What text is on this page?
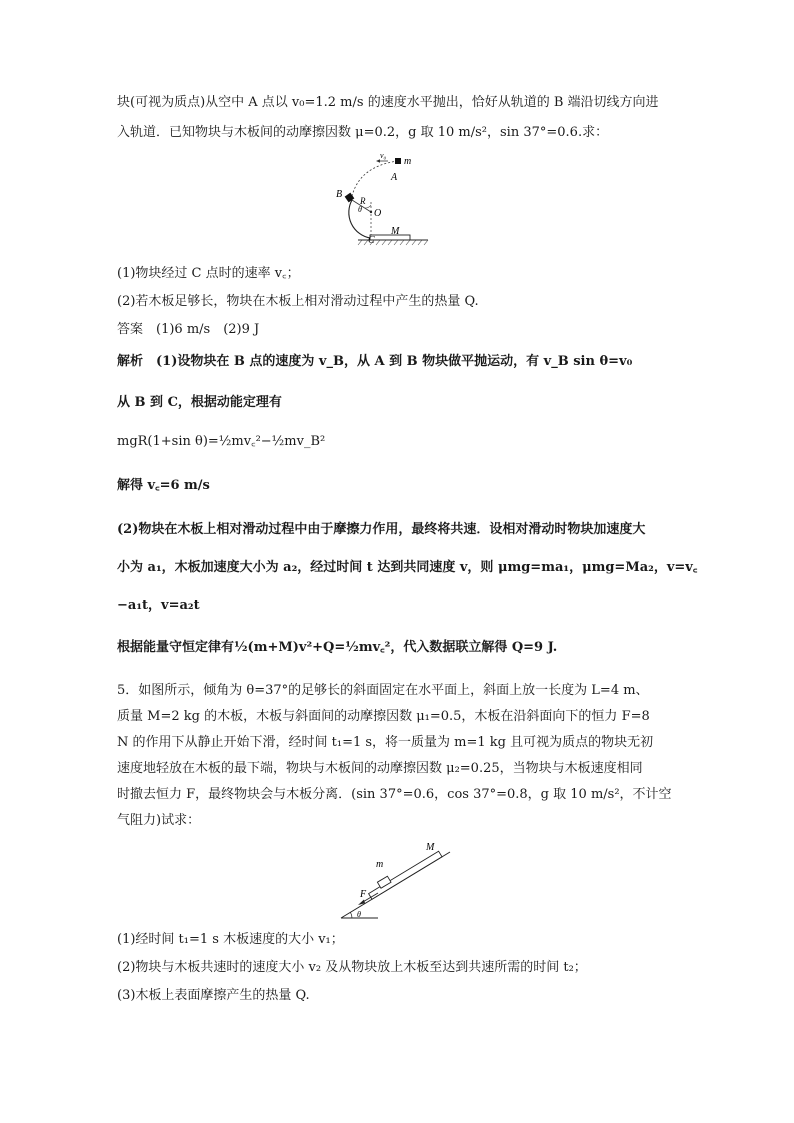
块(可视为质点)从空中 A 点以 v₀=1.2 m/s 的速度水平抛出，恰好从轨道的 B 端沿切线方向进
入轨道．已知物块与木板间的动摩擦因数 μ=0.2，g 取 10 m/s²，sin 37°=0.6.求：
v₀
m
A
B
R
θ O
C
M
(1)物块经过 C 点时的速率 v꜀；
(2)若木板足够长，物块在木板上相对滑动过程中产生的热量 Q.
答案　(1)6 m/s　(2)9 J
解析　(1)设物块在 B 点的速度为 v_B，从 A 到 B 物块做平抛运动，有 v_B sin θ=v₀
从 B 到 C，根据动能定理有
mgR(1+sin θ)=½mv꜀²−½mv_B²
解得 v꜀=6 m/s
(2)物块在木板上相对滑动过程中由于摩擦力作用，最终将共速．设相对滑动时物块加速度大
小为 a₁，木板加速度大小为 a₂，经过时间 t 达到共同速度 v，则 μmg=ma₁，μmg=Ma₂，v=v꜀
−a₁t，v=a₂t
根据能量守恒定律有½(m+M)v²+Q=½mv꜀²，代入数据联立解得 Q=9 J.
5．如图所示，倾角为 θ=37°的足够长的斜面固定在水平面上，斜面上放一长度为 L=4 m、
质量 M=2 kg 的木板，木板与斜面间的动摩擦因数 μ₁=0.5，木板在沿斜面向下的恒力 F=8
N 的作用下从静止开始下滑，经时间 t₁=1 s，将一质量为 m=1 kg 且可视为质点的物块无初
速度地轻放在木板的最下端，物块与木板间的动摩擦因数 μ₂=0.25，当物块与木板速度相同
时撤去恒力 F，最终物块会与木板分离．(sin 37°=0.6，cos 37°=0.8，g 取 10 m/s²，不计空
气阻力)试求：
M
m
F
θ
(1)经时间 t₁=1 s 木板速度的大小 v₁；
(2)物块与木板共速时的速度大小 v₂ 及从物块放上木板至达到共速所需的时间 t₂；
(3)木板上表面摩擦产生的热量 Q.
